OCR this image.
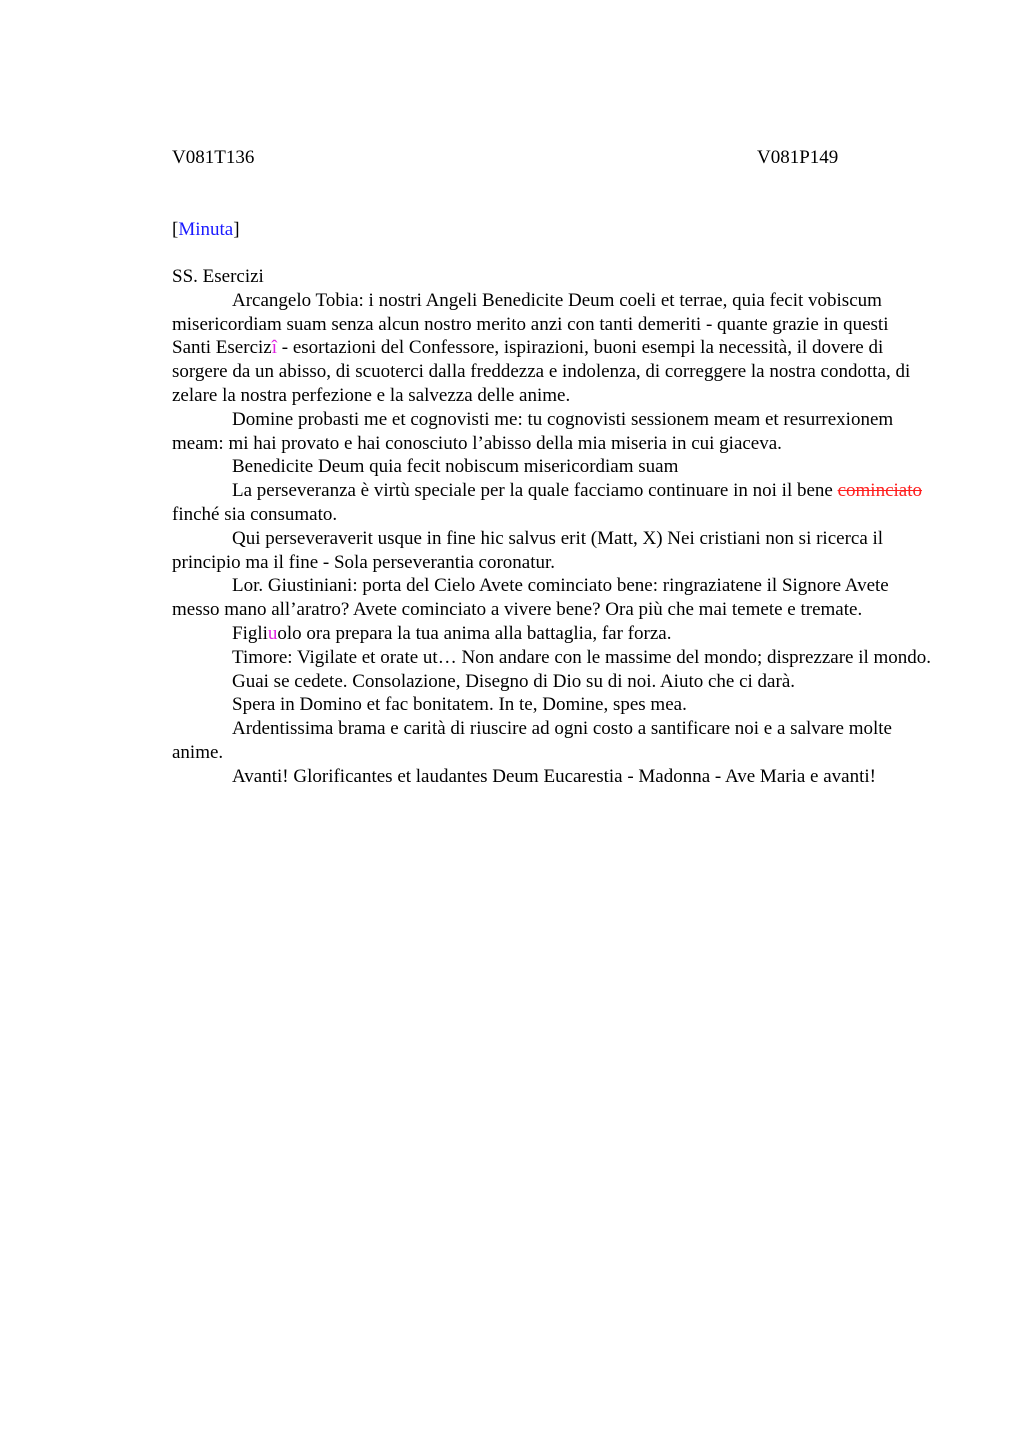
V081T136	V081P149
[Minuta]

SS. Esercizi

Arcangelo Tobia: i nostri Angeli Benedicite Deum coeli et terrae, quia fecit vobiscum misericordiam suam senza alcun nostro merito anzi con tanti demeriti - quante grazie in questi Santi Esercizî - esortazioni del Confessore, ispirazioni, buoni esempi la necessità, il dovere di sorgere da un abisso, di scuoterci dalla freddezza e indolenza, di correggere la nostra condotta, di zelare la nostra perfezione e la salvezza delle anime.

Domine probasti me et cognovisti me: tu cognovisti sessionem meam et resurrexionem meam: mi hai provato e hai conosciuto l’abisso della mia miseria in cui giaceva.

Benedicite Deum quia fecit nobiscum misericordiam suam

La perseveranza è virtù speciale per la quale facciamo continuare in noi il bene cominciato finché sia consumato.

Qui perseveraverit usque in fine hic salvus erit (Matt, X) Nei cristiani non si ricerca il principio ma il fine - Sola perseverantia coronatur.

Lor. Giustiniani: porta del Cielo Avete cominciato bene: ringraziatene il Signore Avete messo mano all’aratro? Avete cominciato a vivere bene? Ora più che mai temete e tremate.

Figliuolo ora prepara la tua anima alla battaglia, far forza.

Timore: Vigilate et orate ut… Non andare con le massime del mondo; disprezzare il mondo.

Guai se cedete. Consolazione, Disegno di Dio su di noi. Aiuto che ci darà.

Spera in Domino et fac bonitatem. In te, Domine, spes mea.

Ardentissima brama e carità di riuscire ad ogni costo a santificare noi e a salvare molte anime.

Avanti! Glorificantes et laudantes Deum Eucarestia - Madonna - Ave Maria e avanti!
